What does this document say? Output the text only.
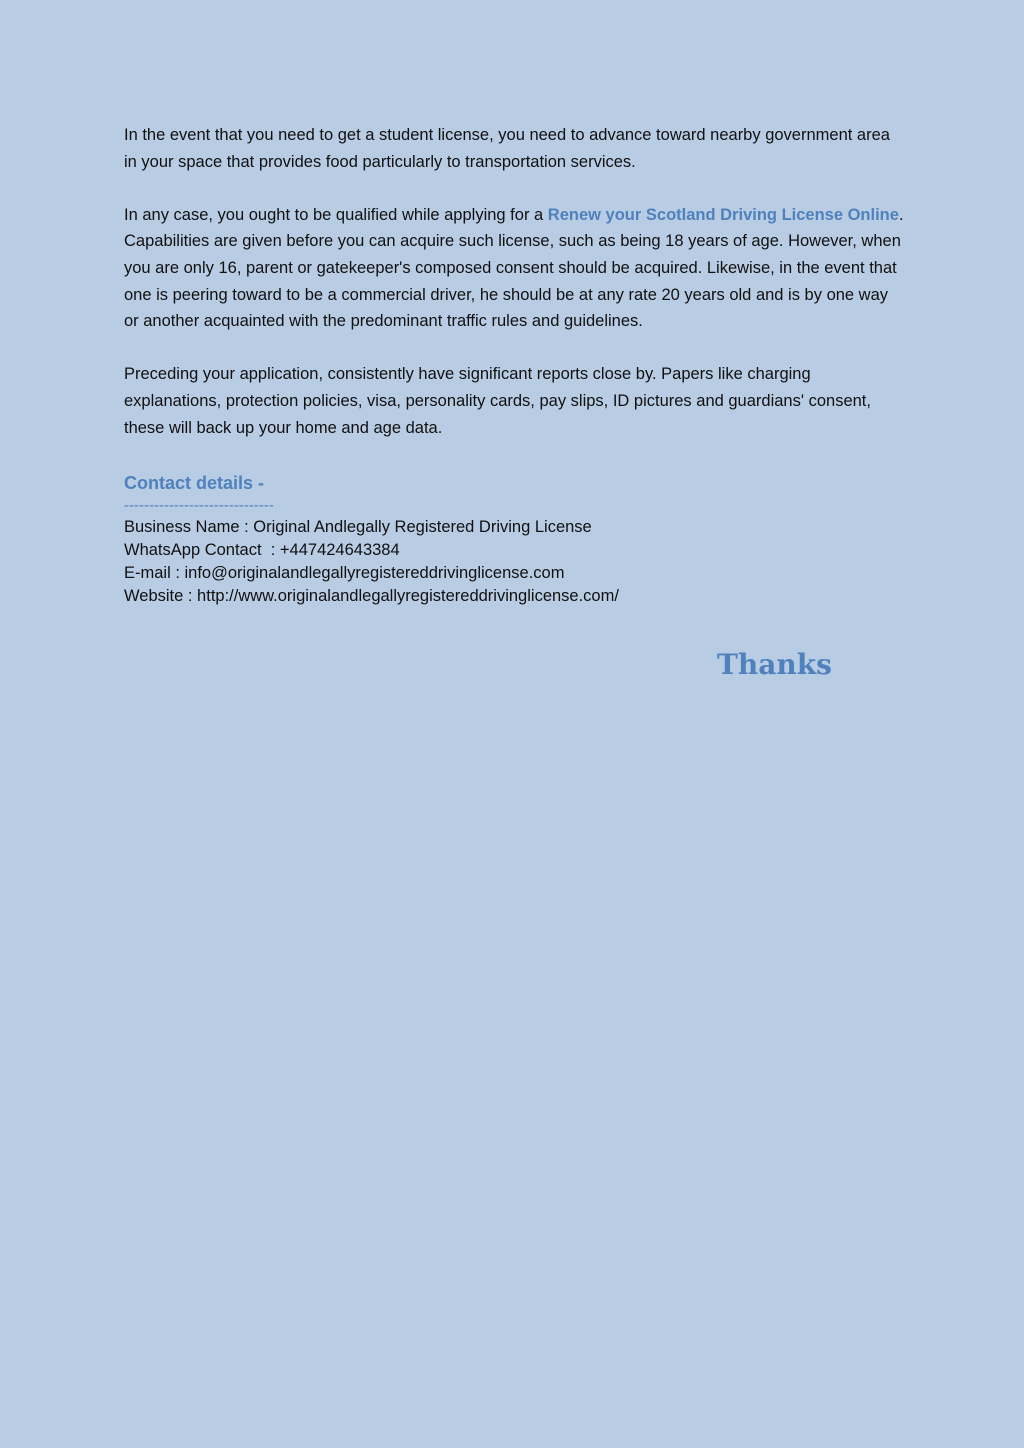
In the event that you need to get a student license, you need to advance toward nearby government area in your space that provides food particularly to transportation services.

In any case, you ought to be qualified while applying for a Renew your Scotland Driving License Online. Capabilities are given before you can acquire such license, such as being 18 years of age. However, when you are only 16, parent or gatekeeper's composed consent should be acquired. Likewise, in the event that one is peering toward to be a commercial driver, he should be at any rate 20 years old and is by one way or another acquainted with the predominant traffic rules and guidelines.

Preceding your application, consistently have significant reports close by. Papers like charging explanations, protection policies, visa, personality cards, pay slips, ID pictures and guardians' consent, these will back up your home and age data.

Contact details -
------------------------------
Business Name : Original Andlegally Registered Driving License
WhatsApp Contact  : +447424643384
E-mail : info@originalandlegallyregistereddrivinglicense.com
Website : http://www.originalandlegallyregistereddrivinglicense.com/
Thanks
